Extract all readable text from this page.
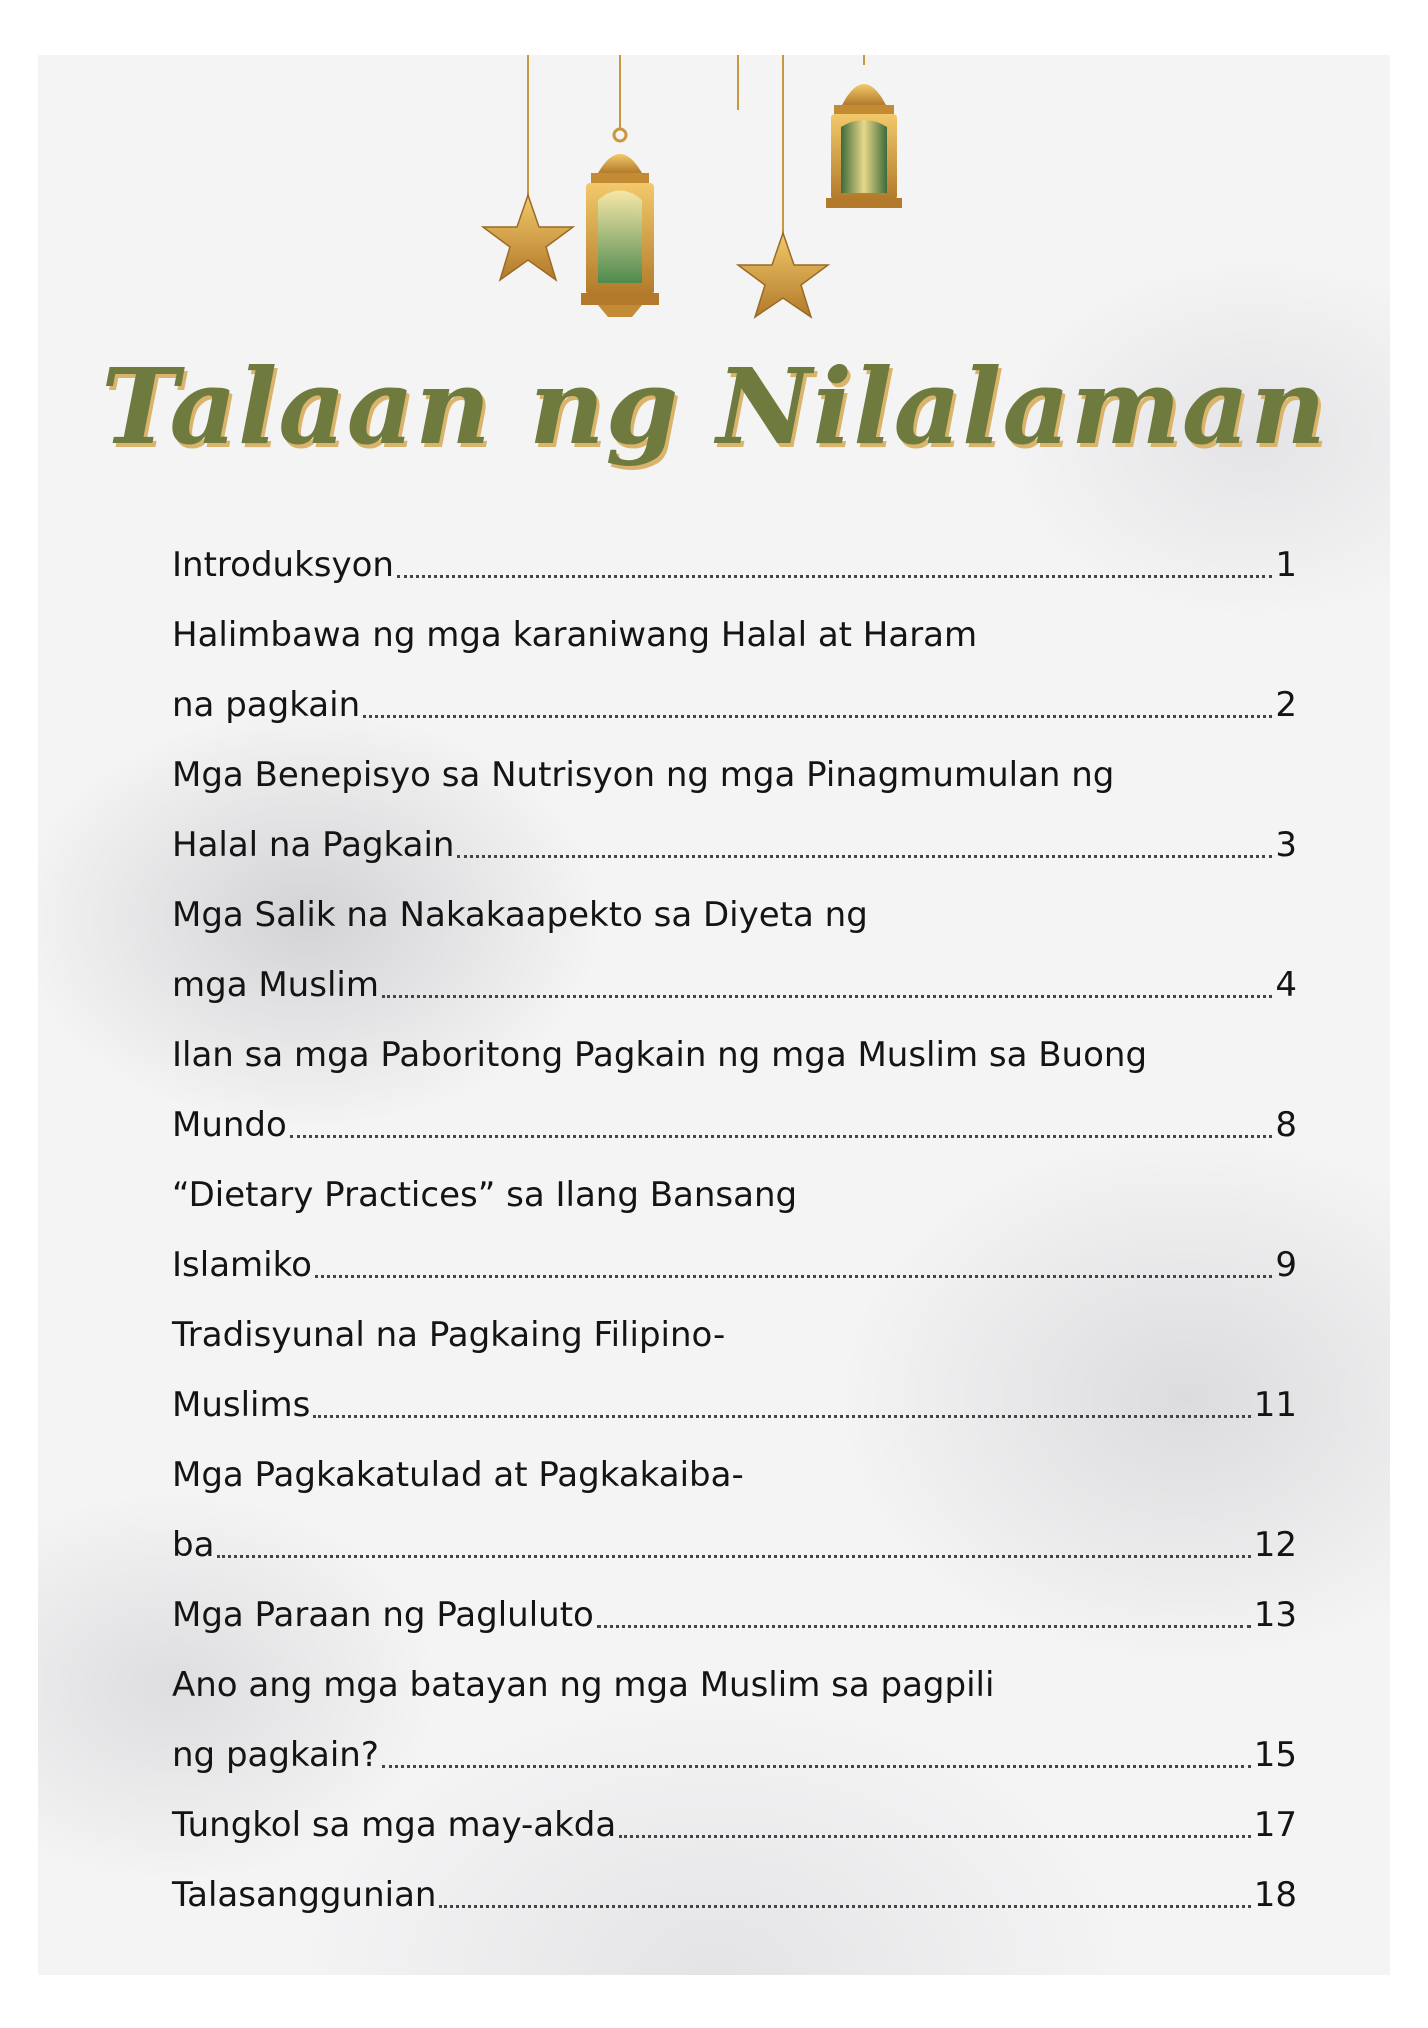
Talaan ng Nilalaman
Introduksyon	1
Halimbawa ng mga karaniwang Halal at Haram
na pagkain	2
Mga Benepisyo sa Nutrisyon ng mga Pinagmumulan ng
Halal na Pagkain	3
Mga Salik na Nakakaapekto sa Diyeta ng
mga Muslim	4
Ilan sa mga Paboritong Pagkain ng mga Muslim sa Buong
Mundo	8
“Dietary Practices” sa Ilang Bansang
Islamiko	9
Tradisyunal na Pagkaing Filipino-
Muslims	11
Mga Pagkakatulad at Pagkakaiba-
ba	12
Mga Paraan ng Pagluluto	13
Ano ang mga batayan ng mga Muslim sa pagpili
ng pagkain?	15
Tungkol sa mga may-akda	17
Talasanggunian	18
